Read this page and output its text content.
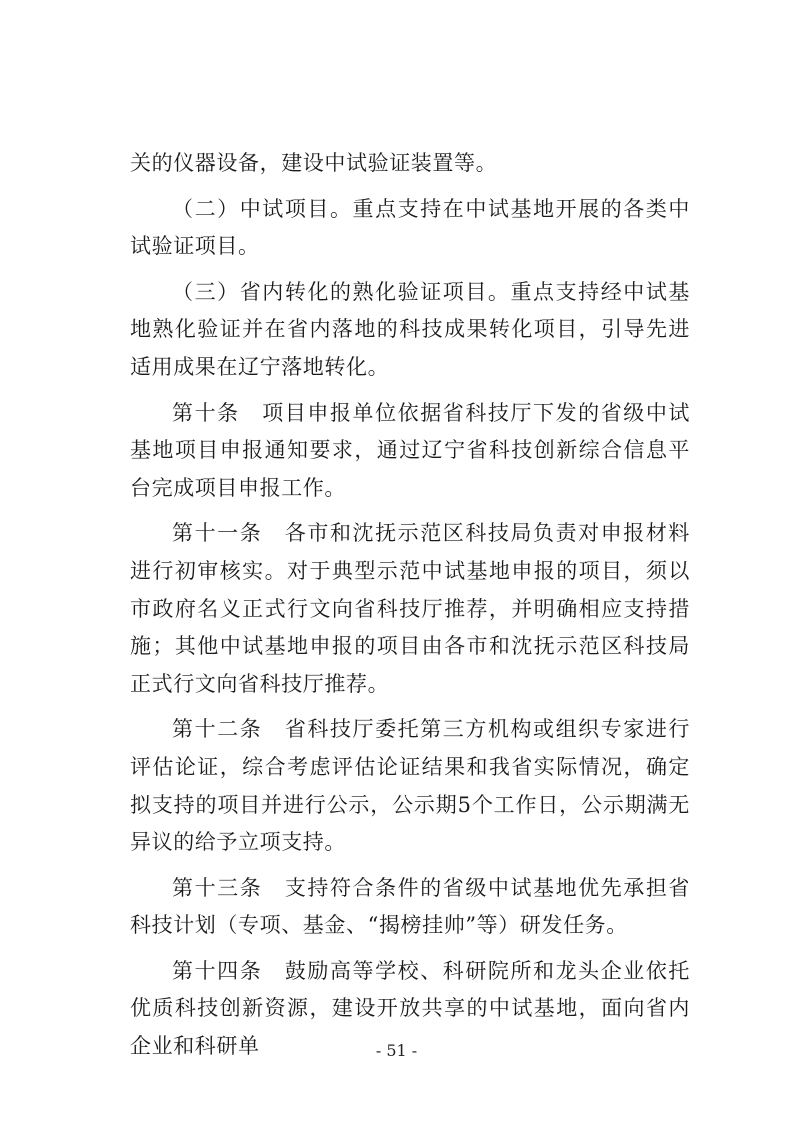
关的仪器设备，建设中试验证装置等。

（二）中试项目。重点支持在中试基地开展的各类中试验证项目。

（三）省内转化的熟化验证项目。重点支持经中试基地熟化验证并在省内落地的科技成果转化项目，引导先进适用成果在辽宁落地转化。

第十条　项目申报单位依据省科技厅下发的省级中试基地项目申报通知要求，通过辽宁省科技创新综合信息平台完成项目申报工作。

第十一条　各市和沈抚示范区科技局负责对申报材料进行初审核实。对于典型示范中试基地申报的项目，须以市政府名义正式行文向省科技厅推荐，并明确相应支持措施；其他中试基地申报的项目由各市和沈抚示范区科技局正式行文向省科技厅推荐。

第十二条　省科技厅委托第三方机构或组织专家进行评估论证，综合考虑评估论证结果和我省实际情况，确定拟支持的项目并进行公示，公示期5个工作日，公示期满无异议的给予立项支持。

第十三条　支持符合条件的省级中试基地优先承担省科技计划（专项、基金、“揭榜挂帅”等）研发任务。

第十四条　鼓励高等学校、科研院所和龙头企业依托优质科技创新资源，建设开放共享的中试基地，面向省内企业和科研单	- 51 -
